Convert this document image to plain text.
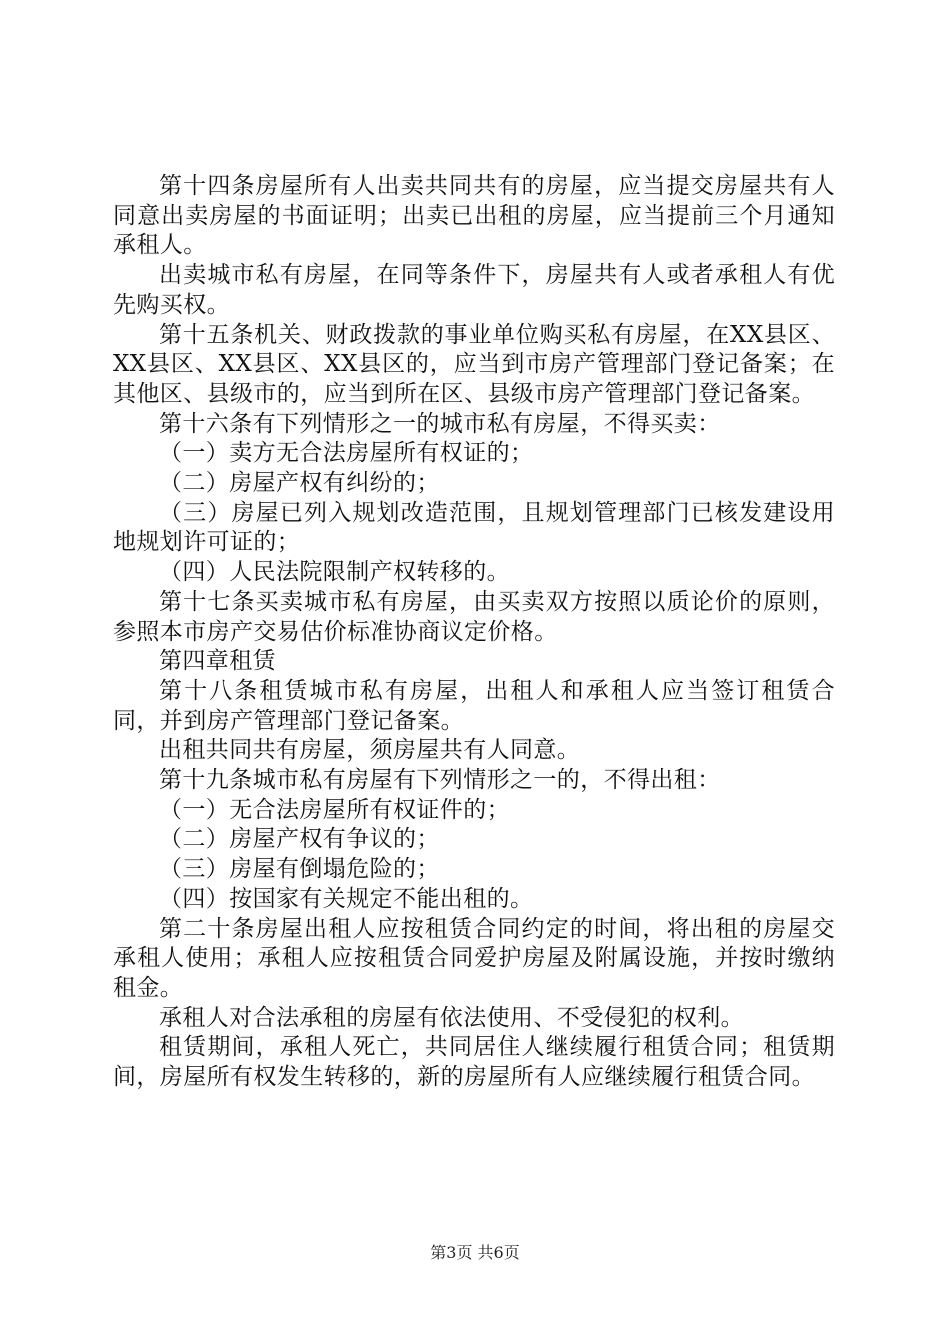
第十四条房屋所有人出卖共同共有的房屋，应当提交房屋共有人同意出卖房屋的书面证明；出卖已出租的房屋，应当提前三个月通知承租人。

出卖城市私有房屋，在同等条件下，房屋共有人或者承租人有优先购买权。

第十五条机关、财政拨款的事业单位购买私有房屋，在XX县区、XX县区、XX县区、XX县区的，应当到市房产管理部门登记备案；在其他区、县级市的，应当到所在区、县级市房产管理部门登记备案。

第十六条有下列情形之一的城市私有房屋，不得买卖：

（一）卖方无合法房屋所有权证的；

（二）房屋产权有纠纷的；

（三）房屋已列入规划改造范围，且规划管理部门已核发建设用地规划许可证的；

（四）人民法院限制产权转移的。

第十七条买卖城市私有房屋，由买卖双方按照以质论价的原则，参照本市房产交易估价标准协商议定价格。

第四章租赁

第十八条租赁城市私有房屋，出租人和承租人应当签订租赁合同，并到房产管理部门登记备案。

出租共同共有房屋，须房屋共有人同意。

第十九条城市私有房屋有下列情形之一的，不得出租：

（一）无合法房屋所有权证件的；

（二）房屋产权有争议的；

（三）房屋有倒塌危险的；

（四）按国家有关规定不能出租的。

第二十条房屋出租人应按租赁合同约定的时间，将出租的房屋交承租人使用；承租人应按租赁合同爱护房屋及附属设施，并按时缴纳租金。

承租人对合法承租的房屋有依法使用、不受侵犯的权利。

租赁期间，承租人死亡，共同居住人继续履行租赁合同；租赁期间，房屋所有权发生转移的，新的房屋所有人应继续履行租赁合同。

第3页 共6页
